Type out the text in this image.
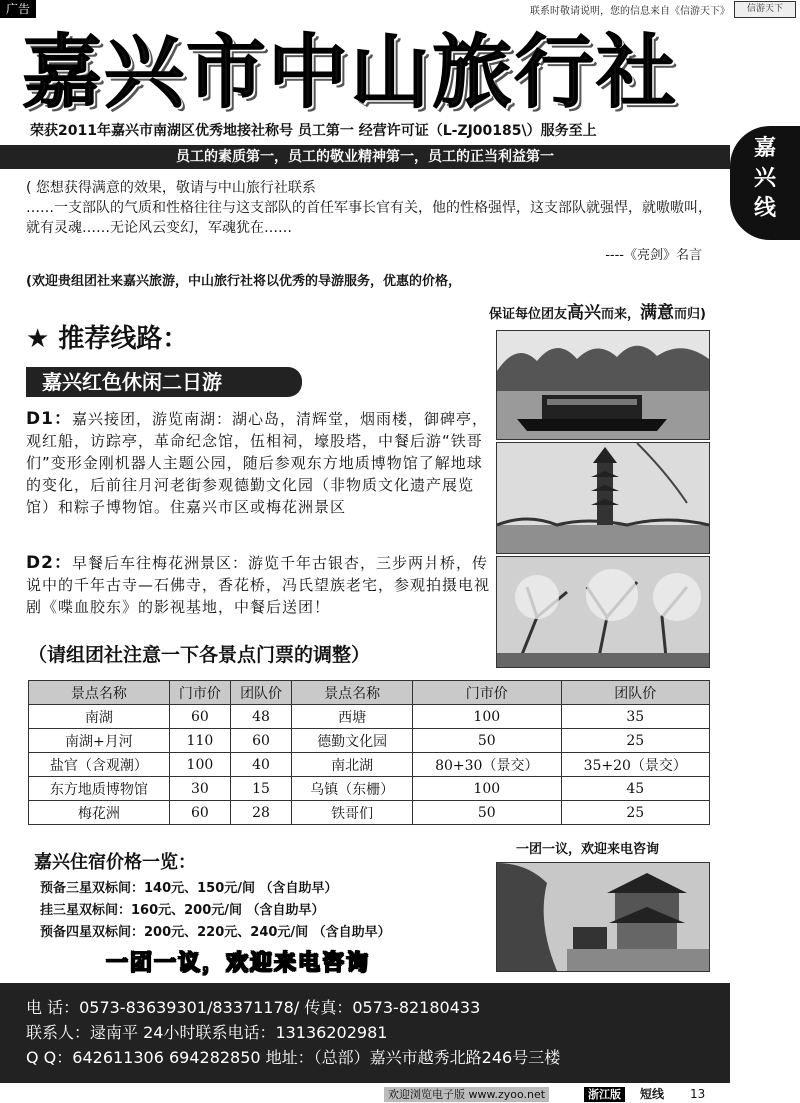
广告	联系时敬请说明，您的信息来自《信游天下》	信游天下
嘉兴市中山旅行社
荣获2011年嘉兴市南湖区优秀地接社称号 员工第一 经营许可证（L-ZJ00185\）服务至上
员工的素质第一，员工的敬业精神第一，员工的正当利益第一	嘉
兴
线
( 您想获得满意的效果，敬请与中山旅行社联系
……一支部队的气质和性格往往与这支部队的首任军事长官有关，他的性格强悍，这支部队就强悍，就嗷嗷叫，就有灵魂……无论风云变幻，军魂犹在……
----《亮剑》名言
(欢迎贵组团社来嘉兴旅游，中山旅行社将以优秀的导游服务，优惠的价格，
保证每位团友高兴而来，满意而归)
★ 推荐线路：
嘉兴红色休闲二日游
D1：嘉兴接团，游览南湖：湖心岛，清辉堂，烟雨楼，御碑亭，观红船，访踪亭，革命纪念馆，伍相祠，壕股塔，中餐后游“铁哥们”变形金刚机器人主题公园，随后参观东方地质博物馆了解地球的变化，后前往月河老街参观德勤文化园（非物质文化遗产展览馆）和粽子博物馆。住嘉兴市区或梅花洲景区
D2：早餐后车往梅花洲景区：游览千年古银杏，三步两爿桥，传说中的千年古寺—石佛寺，香花桥，冯氏望族老宅，参观拍摄电视剧《喋血胶东》的影视基地，中餐后送团！
（请组团社注意一下各景点门票的调整）
景点名称	门市价	团队价	景点名称	门市价	团队价
南湖	60	48	西塘	100	35
南湖+月河	110	60	德勤文化园	50	25
盐官（含观潮）	100	40	南北湖	80+30（景交）	35+20（景交）
东方地质博物馆	30	15	乌镇（东栅）	100	45
梅花洲	60	28	铁哥们	50	25
嘉兴住宿价格一览：
一团一议，欢迎来电咨询
预备三星双标间：140元、150元/间 （含自助早）
挂三星双标间：160元、200元/间 （含自助早）
预备四星双标间：200元、220元、240元/间 （含自助早）
一团一议，欢迎来电咨询
电 话：0573-83639301/83371178/ 传真：0573-82180433
联系人：逯南平 24小时联系电话：13136202981
Q Q：642611306 694282850 地址：（总部）嘉兴市越秀北路246号三楼
欢迎浏览电子版 www.zyoo.net	浙江版	短线 13
